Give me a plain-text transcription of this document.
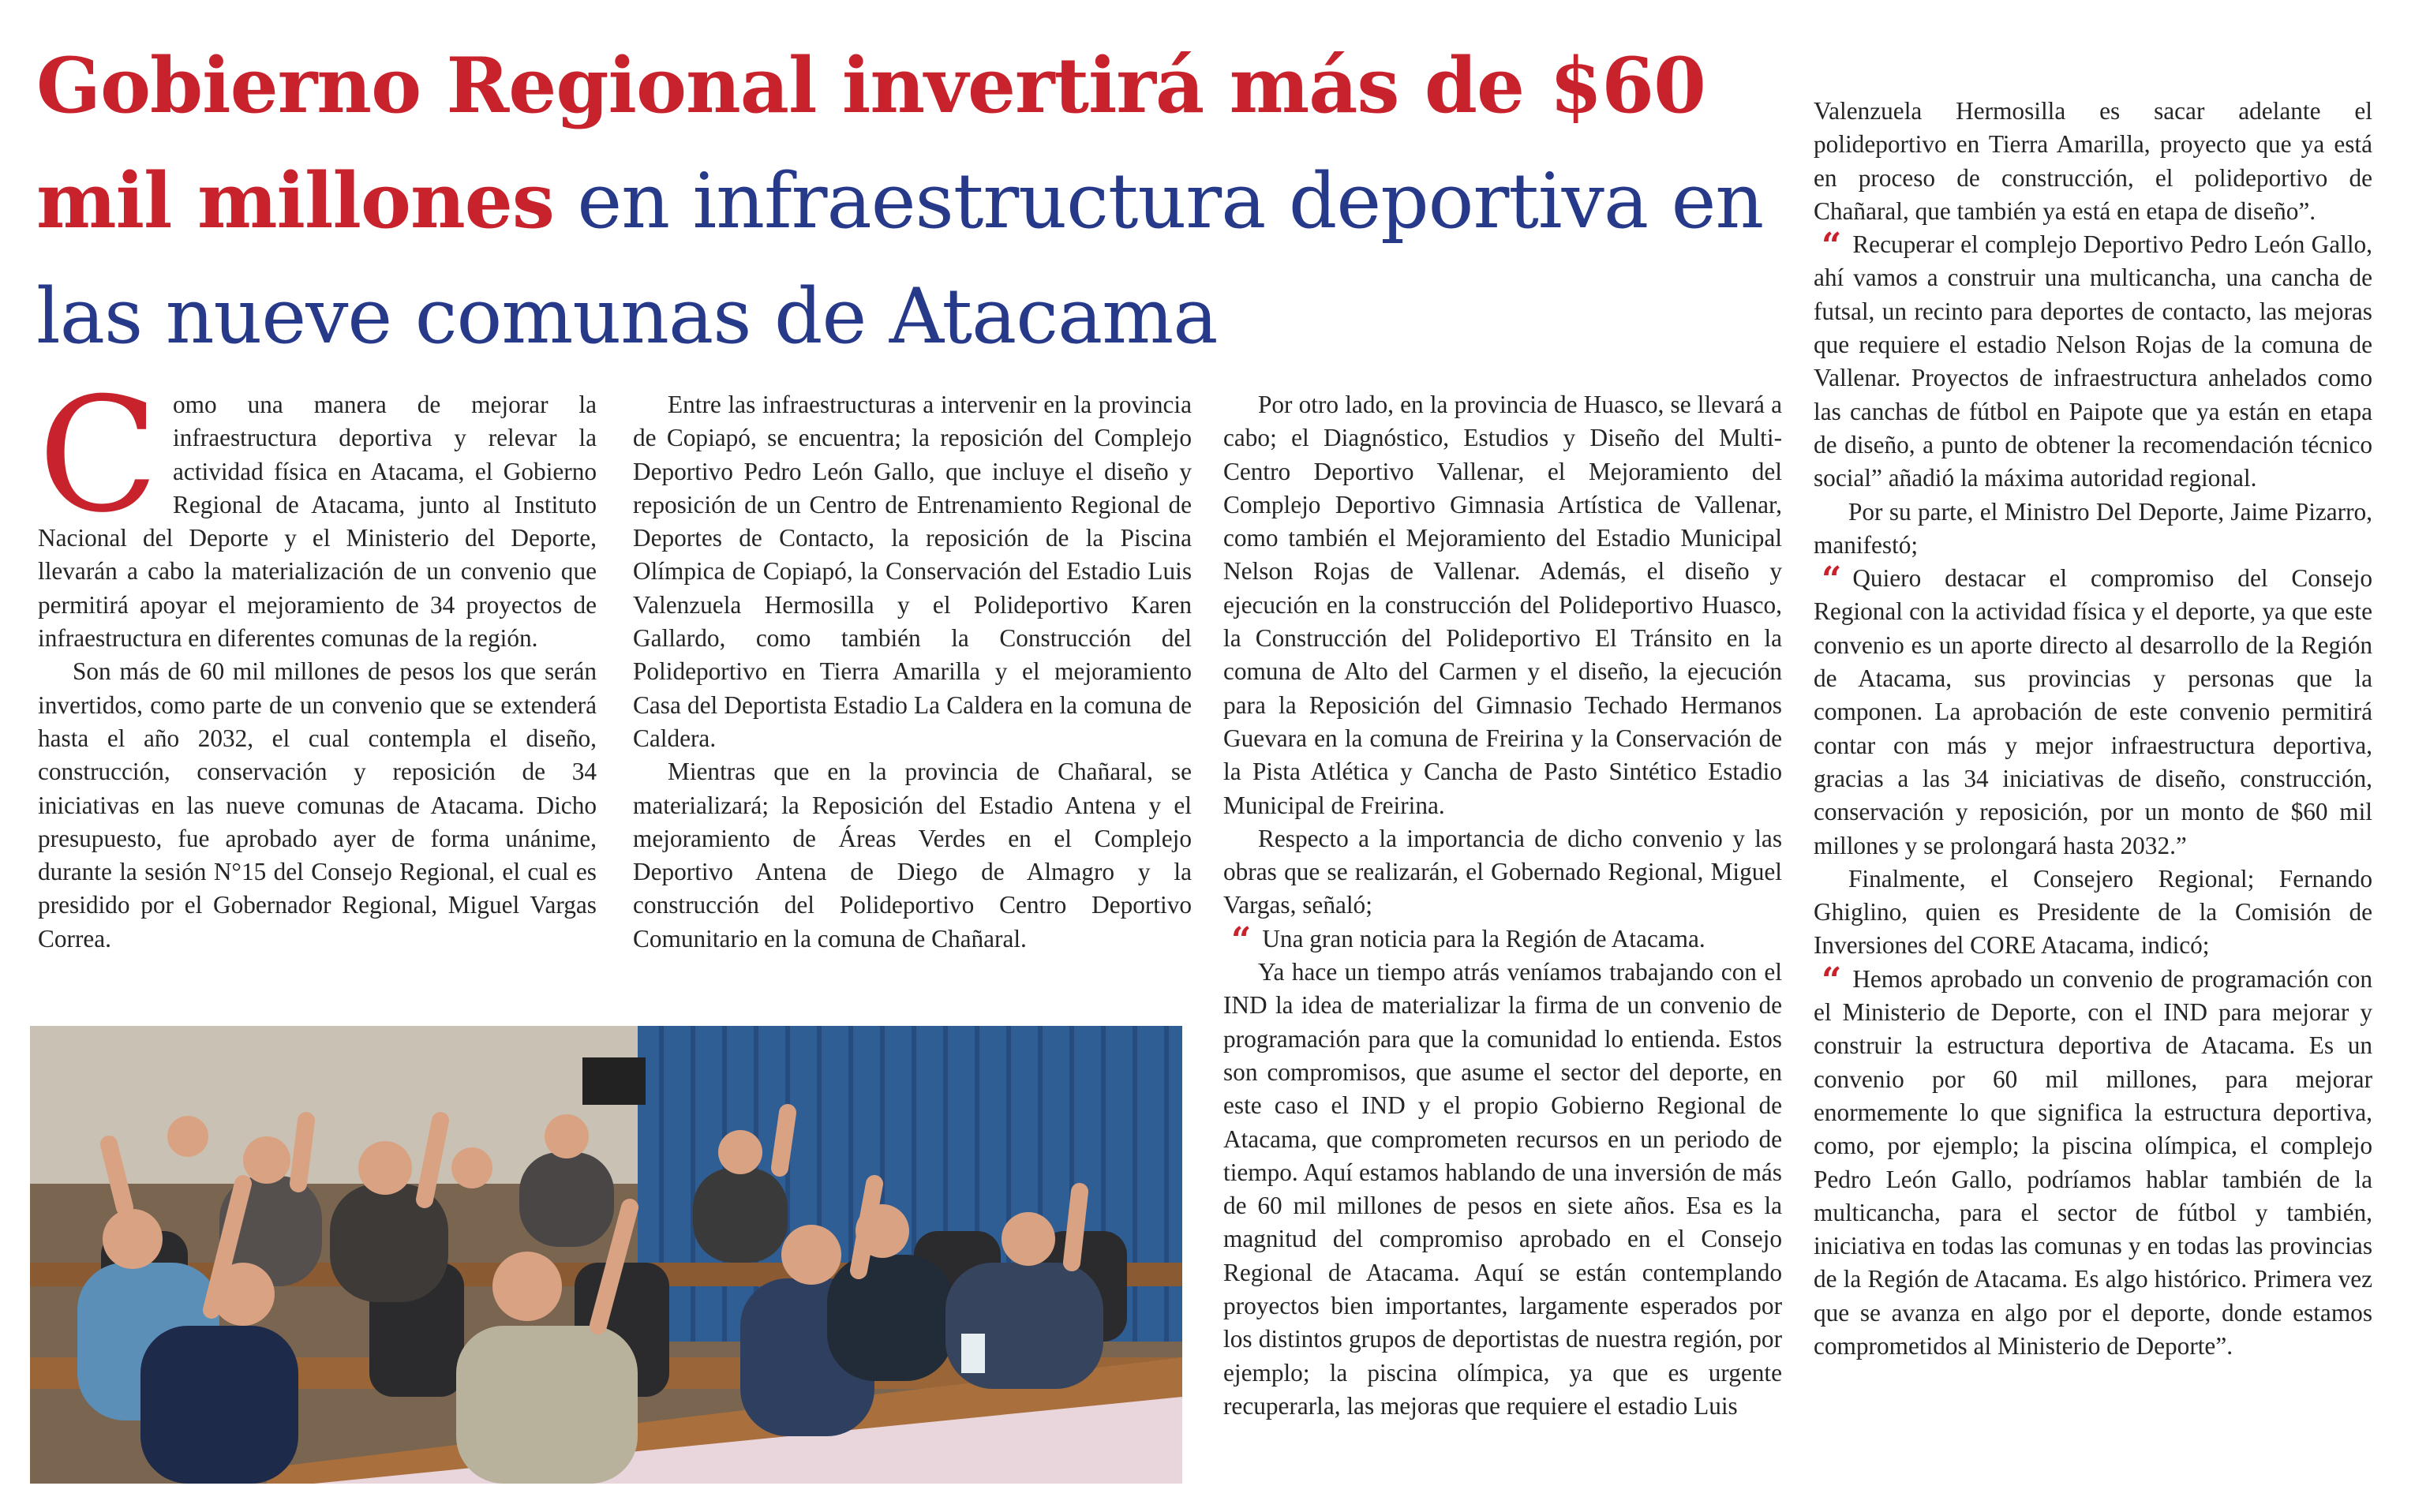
Gobierno Regional invertirá más de $60 mil millones en infraestructura deportiva en las nueve comunas de Atacama
C omo una manera de mejorar la infraestructura deportiva y relevar la actividad física en Atacama, el Gobierno Regional de Atacama, junto al Instituto Nacional del Deporte y el Ministerio del Deporte, llevarán a cabo la materialización de un convenio que permitirá apoyar el mejoramiento de 34 proyectos de infraestructura en diferentes comunas de la región.

Son más de 60 mil millones de pesos los que serán invertidos, como parte de un convenio que se extenderá hasta el año 2032, el cual contempla el diseño, construcción, conservación y reposición de 34 iniciativas en las nueve comunas de Atacama. Dicho presupuesto, fue aprobado ayer de forma unánime, durante la sesión N°15 del Consejo Regional, el cual es presidido por el Gobernador Regional, Miguel Vargas Correa.

Entre las infraestructuras a intervenir en la provincia de Copiapó, se encuentra; la reposición del Complejo Deportivo Pedro León Gallo, que incluye el diseño y reposición de un Centro de Entrenamiento Regional de Deportes de Contacto, la reposición de la Piscina Olímpica de Copiapó, la Conservación del Estadio Luis Valenzuela Hermosilla y el Polideportivo Karen Gallardo, como también la Construcción del Polideportivo en Tierra Amarilla y el mejoramiento Casa del Deportista Estadio La Caldera en la comuna de Caldera.

Mientras que en la provincia de Chañaral, se materializará; la Reposición del Estadio Antena y el mejoramiento de Áreas Verdes en el Complejo Deportivo Antena de Diego de Almagro y la construcción del Polideportivo Centro Deportivo Comunitario en la comuna de Chañaral.

Por otro lado, en la provincia de Huasco, se llevará a cabo; el Diagnóstico, Estudios y Diseño del Multi-Centro Deportivo Vallenar, el Mejoramiento del Complejo Deportivo Gimnasia Artística de Vallenar, como también el Mejoramiento del Estadio Municipal Nelson Rojas de Vallenar. Además, el diseño y ejecución en la construcción del Polideportivo Huasco, la Construcción del Polideportivo El Tránsito en la comuna de Alto del Carmen y el diseño, la ejecución para la Reposición del Gimnasio Techado Hermanos Guevara en la comuna de Freirina y la Conservación de la Pista Atlética y Cancha de Pasto Sintético Estadio Municipal de Freirina.

Respecto a la importancia de dicho convenio y las obras que se realizarán, el Gobernado Regional, Miguel Vargas, señaló;

“ Una gran noticia para la Región de Atacama.

Ya hace un tiempo atrás veníamos trabajando con el IND la idea de materializar la firma de un convenio de programación para que la comunidad lo entienda. Estos son compromisos, que asume el sector del deporte, en este caso el IND y el propio Gobierno Regional de Atacama, que comprometen recursos en un periodo de tiempo. Aquí estamos hablando de una inversión de más de 60 mil millones de pesos en siete años. Esa es la magnitud del compromiso aprobado en el Consejo Regional de Atacama. Aquí se están contemplando proyectos bien importantes, largamente esperados por los distintos grupos de deportistas de nuestra región, por ejemplo; la piscina olímpica, ya que es urgente recuperarla, las mejoras que requiere el estadio Luis

Valenzuela Hermosilla es sacar adelante el polideportivo en Tierra Amarilla, proyecto que ya está en proceso de construcción, el polideportivo de Chañaral, que también ya está en etapa de diseño”.

“ Recuperar el complejo Deportivo Pedro León Gallo, ahí vamos a construir una multicancha, una cancha de futsal, un recinto para deportes de contacto, las mejoras que requiere el estadio Nelson Rojas de la comuna de Vallenar. Proyectos de infraestructura anhelados como las canchas de fútbol en Paipote que ya están en etapa de diseño, a punto de obtener la recomendación técnico social” añadió la máxima autoridad regional.

Por su parte, el Ministro Del Deporte, Jaime Pizarro, manifestó;

“ Quiero destacar el compromiso del Consejo Regional con la actividad física y el deporte, ya que este convenio es un aporte directo al desarrollo de la Región de Atacama, sus provincias y personas que la componen. La aprobación de este convenio permitirá contar con más y mejor infraestructura deportiva, gracias a las 34 iniciativas de diseño, construcción, conservación y reposición, por un monto de $60 mil millones y se prolongará hasta 2032.”

Finalmente, el Consejero Regional; Fernando Ghiglino, quien es Presidente de la Comisión de Inversiones del CORE Atacama, indicó;

“ Hemos aprobado un convenio de programación con el Ministerio de Deporte, con el IND para mejorar y construir la estructura deportiva de Atacama. Es un convenio por 60 mil millones, para mejorar enormemente lo que significa la estructura deportiva, como, por ejemplo; la piscina olímpica, el complejo Pedro León Gallo, podríamos hablar también de la multicancha, para el sector de fútbol y también, iniciativa en todas las comunas y en todas las provincias de la Región de Atacama. Es algo histórico. Primera vez que se avanza en algo por el deporte, donde estamos comprometidos al Ministerio de Deporte”.
